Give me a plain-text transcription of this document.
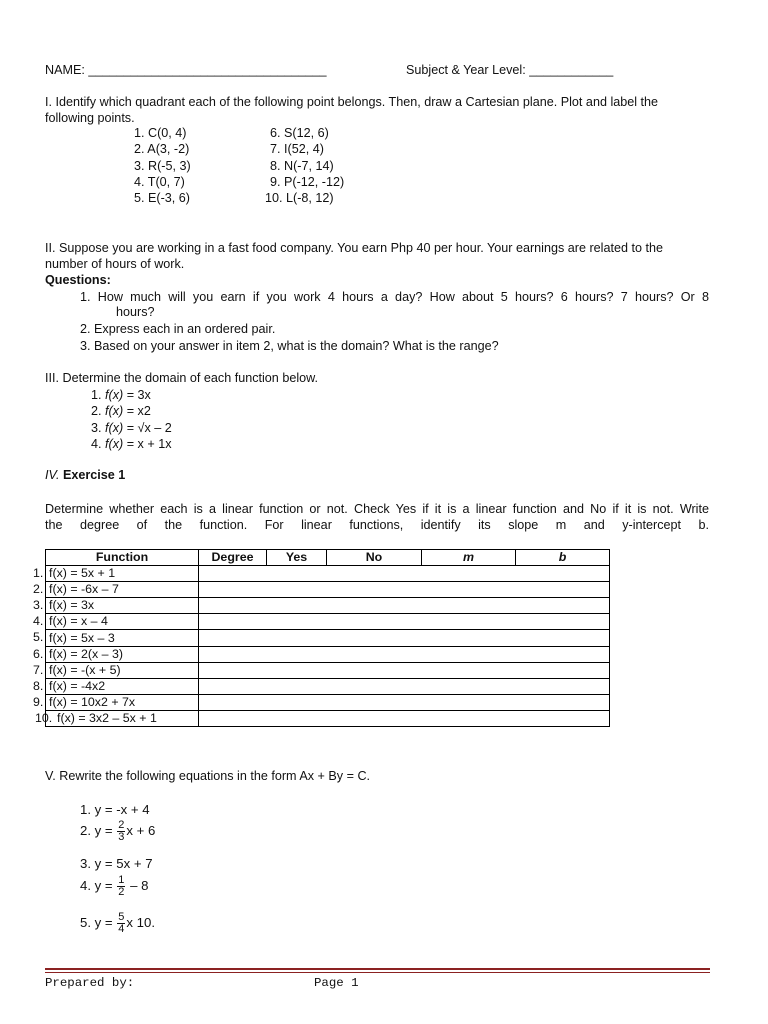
NAME: __________________________________	Subject & Year Level: ____________
I. Identify which quadrant each of the following point belongs. Then, draw a Cartesian plane. Plot and label the following points.
1. C(0, 4)
2. A(3, -2)
3. R(-5, 3)
4. T(0, 7)
5. E(-3, 6)
6. S(12, 6)
7. I(52, 4)
8. N(-7, 14)
9. P(-12, -12)
10. L(-8, 12)
II. Suppose you are working in a fast food company. You earn Php 40 per hour. Your earnings are related to the number of hours of work.
Questions:
1. How much will you earn if you work 4 hours a day? How about 5 hours? 6 hours? 7 hours? Or 8
hours?
2. Express each in an ordered pair.
3. Based on your answer in item 2, what is the domain? What is the range?
III. Determine the domain of each function below.
1. f(x) = 3x
2. f(x) = x2
3. f(x) = √x – 2
4. f(x) = x + 1x
IV. Exercise 1
Determine whether each is a linear function or not. Check Yes if it is a linear function and No if it is not. Write
the degree of the function. For linear functions, identify its slope m and y-intercept b.
Function	Degree	Yes	No	m	b

1. f(x) = 5x + 1					

2. f(x) = -6x – 7					

3. f(x) = 3x					

4. f(x) = x – 4					

5. f(x) = 5x – 3					

6. f(x) = 2(x – 3)					

7. f(x) = -(x + 5)					

8. f(x) = -4x2					

9. f(x) = 10x2 + 7x					

10. f(x) = 3x2 – 5x + 1					
V. Rewrite the following equations in the form Ax + By = C.
1. y = -x + 4
2. $y = \frac{2}{3}$ x + 6
3. y = 5x + 7
4. $y = \frac{1}{2} - 8$
5. $y = \frac{5}{4}$ x 10.
Prepared by:	Page 1
